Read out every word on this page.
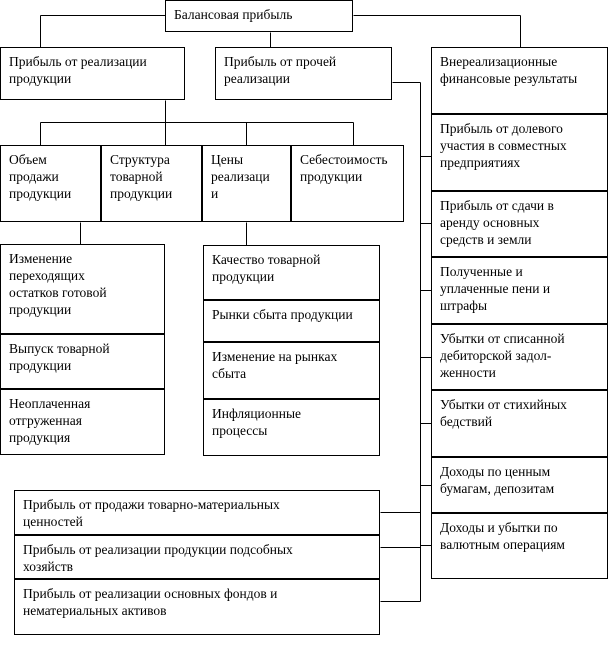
Балансовая прибыль
Прибыль от реализации
продукции
Прибыль от прочей
реализации
Внереализационные
финансовые результаты
Объем
продажи
продукции
Структура
товарной
продукции
Цены
реализаци
и
Себестоимость
продукции
Изменение
переходящих
остатков готовой
продукции
Выпуск товарной
продукции
Неоплаченная
отгруженная
продукция
Качество товарной
продукции
Рынки сбыта продукции
Изменение на рынках
сбыта
Инфляционные
процессы
Прибыль от продажи товарно-материальных
ценностей
Прибыль от реализации продукции подсобных
хозяйств
Прибыль от реализации основных фондов и
нематериальных активов
Прибыль от долевого
участия в совместных
предприятиях
Прибыль от сдачи в
аренду основных
средств и земли
Полученные и
уплаченные пени и
штрафы
Убытки от списанной
дебиторской задол-
женности
Убытки от стихийных
бедствий
Доходы по ценным
бумагам, депозитам
Доходы и убытки по
валютным операциям
